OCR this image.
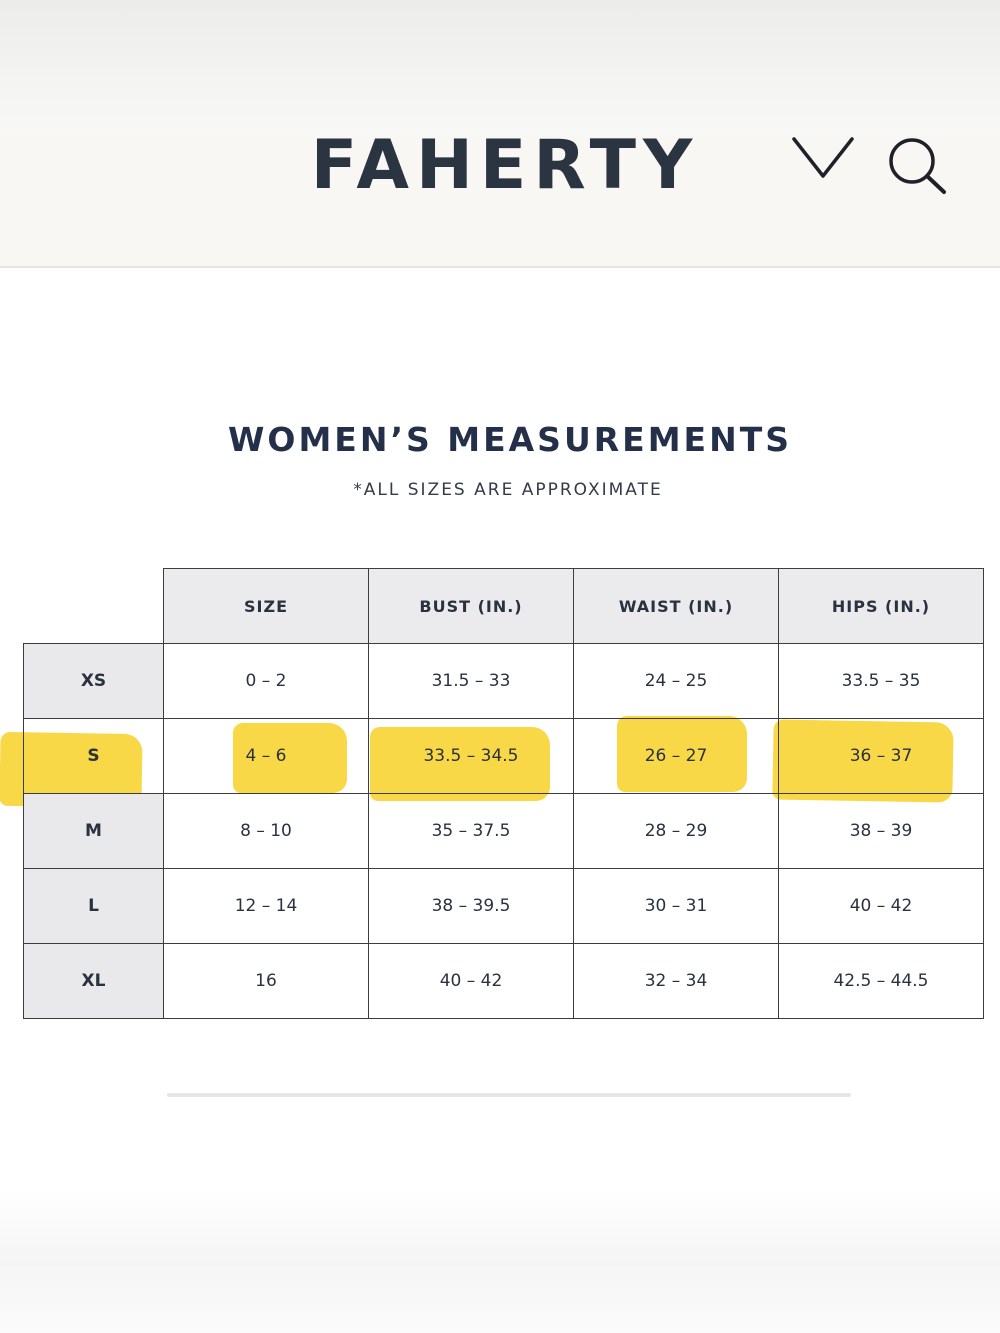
FAHERTY
WOMEN’S MEASUREMENTS
*ALL SIZES ARE APPROXIMATE
	SIZE	BUST (IN.)	WAIST (IN.)	HIPS (IN.)
XS	0 – 2	31.5 – 33	24 – 25	33.5 – 35
S	4 – 6	33.5 – 34.5	26 – 27	36 – 37
M	8 – 10	35 – 37.5	28 – 29	38 – 39
L	12 – 14	38 – 39.5	30 – 31	40 – 42
XL	16	40 – 42	32 – 34	42.5 – 44.5
